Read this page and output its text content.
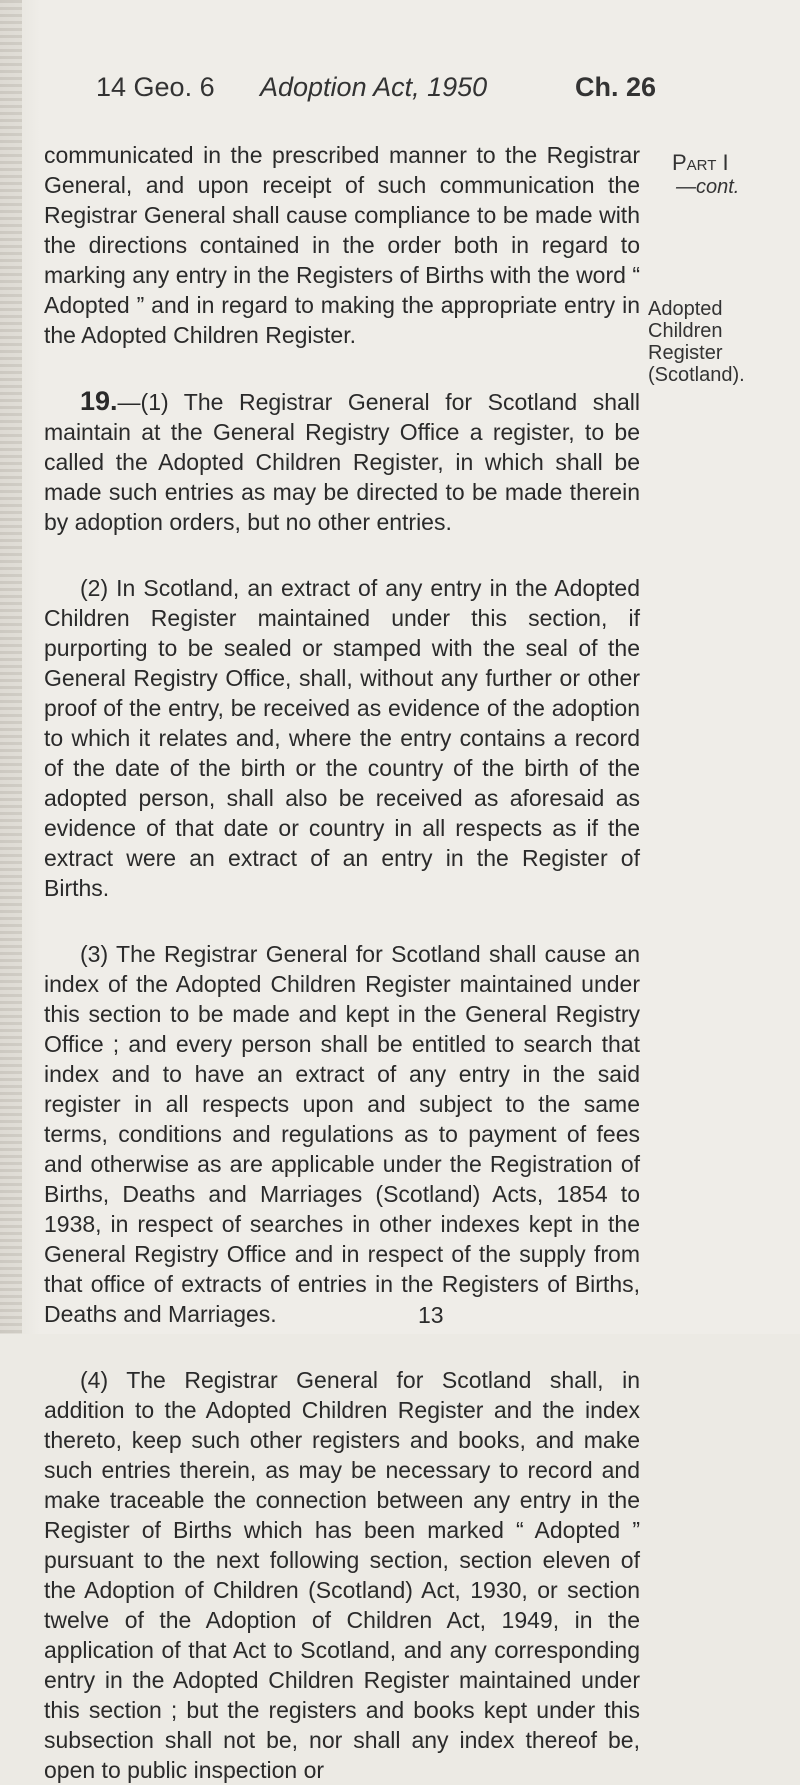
14 Geo. 6 Adoption Act, 1950	Ch. 26
Part I
—cont.
Adopted
Children
Register
(Scotland).

communicated in the prescribed manner to the Registrar General, and upon receipt of such communication the Registrar General shall cause compliance to be made with the directions contained in the order both in regard to marking any entry in the Registers of Births with the word “ Adopted ” and in regard to making the appropriate entry in the Adopted Children Register.

19.—(1) The Registrar General for Scotland shall maintain at the General Registry Office a register, to be called the Adopted Children Register, in which shall be made such entries as may be directed to be made therein by adoption orders, but no other entries.

(2) In Scotland, an extract of any entry in the Adopted Children Register maintained under this section, if purporting to be sealed or stamped with the seal of the General Registry Office, shall, without any further or other proof of the entry, be received as evidence of the adoption to which it relates and, where the entry contains a record of the date of the birth or the country of the birth of the adopted person, shall also be received as aforesaid as evidence of that date or country in all respects as if the extract were an extract of an entry in the Register of Births.

(3) The Registrar General for Scotland shall cause an index of the Adopted Children Register maintained under this section to be made and kept in the General Registry Office ; and every person shall be entitled to search that index and to have an extract of any entry in the said register in all respects upon and subject to the same terms, conditions and regulations as to payment of fees and otherwise as are applicable under the Registration of Births, Deaths and Marriages (Scotland) Acts, 1854 to 1938, in respect of searches in other indexes kept in the General Registry Office and in respect of the supply from that office of extracts of entries in the Registers of Births, Deaths and Marriages.

(4) The Registrar General for Scotland shall, in addition to the Adopted Children Register and the index thereto, keep such other registers and books, and make such entries therein, as may be necessary to record and make traceable the connection between any entry in the Register of Births which has been marked “ Adopted ” pursuant to the next following section, section eleven of the Adoption of Children (Scotland) Act, 1930, or section twelve of the Adoption of Children Act, 1949, in the application of that Act to Scotland, and any corresponding entry in the Adopted Children Register maintained under this section ; but the registers and books kept under this subsection shall not be, nor shall any index thereof be, open to public inspection or

13
